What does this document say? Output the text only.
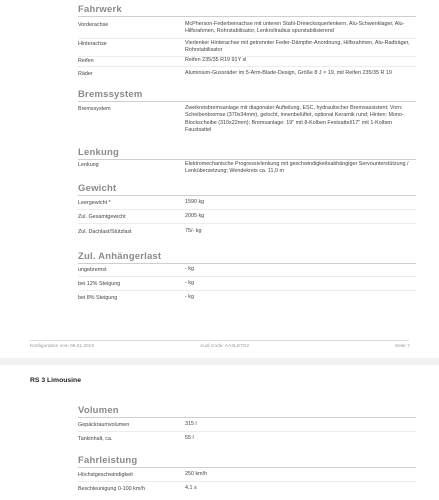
Fahrwerk
Vorderachse	McPherson-Federbeinachse mit unteren Stahl-Dreiecksquerlenkern, Alu-Schwenklager, Alu-Hilfsrahmen, Rohrstabilisator, Lenkrollradius spurstabilisierend
Hinterachse	Vierlenker Hinterachse mit getrennter Feder-Dämpfer-Anordnung, Hilfsrahmen, Alu-Radträger, Rohrstabilisator
Reifen	Reifen 235/35 R19 91Y xl
Räder	Aluminium-Gussräder im 5-Arm-Blade-Design, Größe 8 J × 19, mit Reifen 235/35 R 19
Bremssystem
Bremssystem	Zweikreisbremsanlage mit diagonaler Aufteilung, ESC, hydraulischer Bremsassistent; Vorn: Scheibenbremse (370x34mm), gelocht, innenbelüftet, optional Keramik rund; Hinten: Mono-Blockscheibe (310x22mm); Bremsanlage: 19" mit 8-Kolben Festsattel/17" mit 1-Kolben Faustsattel
Lenkung
Lenkung	Elektromechanische Progressivlenkung mit geschwindigkeitsabhängiger Servounterstützung / Lenkübersetzung; Wendekreis ca. 11,0 m
Gewicht
Leergewicht *	1590 kg
Zul. Gesamtgewicht	2005 kg
Zul. Dachlast/Stützlast	75/- kg
Zul. Anhängerlast
ungebremst	- kg
bei 12% Steigung	- kg
bei 8% Steigung	- kg
Konfiguration vom 09.01.2018	Audi Code: AA3LD7G2	Seite 7
RS 3 Limousine
Volumen
Gepäckraumvolumen	315 l
Tankinhalt, ca.	55 l
Fahrleistung
Höchstgeschwindigkeit	250 km/h
Beschleunigung 0-100 km/h	4,1 s
